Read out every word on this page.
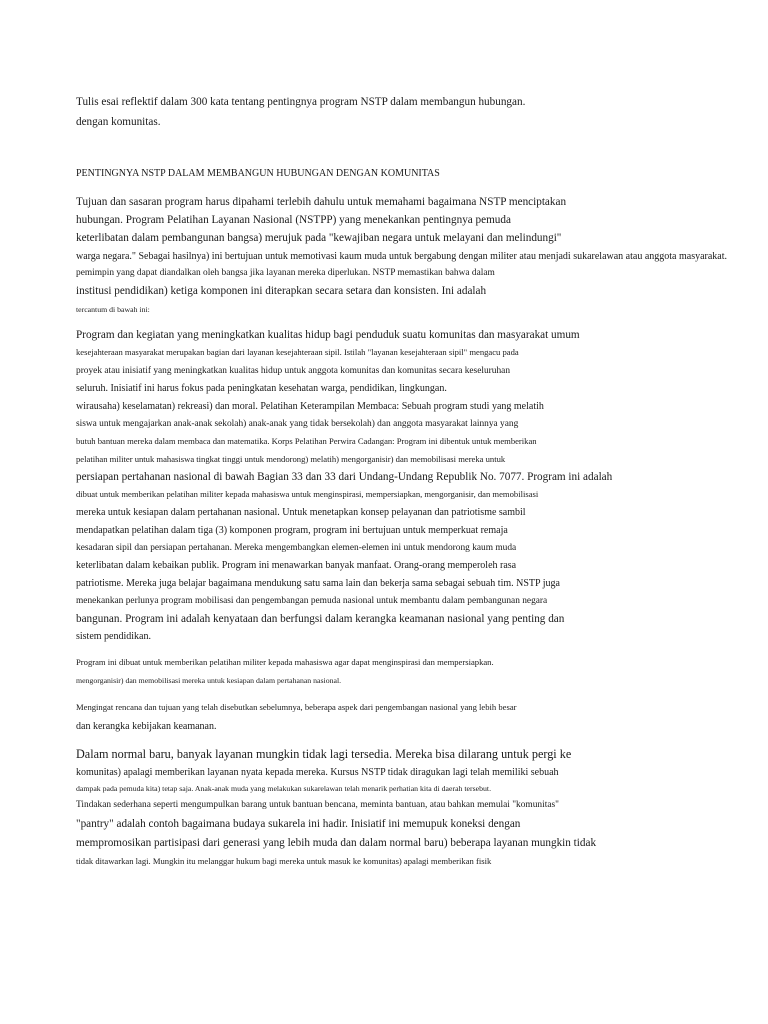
Tulis esai reflektif dalam 300 kata tentang pentingnya program NSTP dalam membangun hubungan.
dengan komunitas.
PENTINGNYA NSTP DALAM MEMBANGUN HUBUNGAN DENGAN KOMUNITAS
Tujuan dan sasaran program harus dipahami terlebih dahulu untuk memahami bagaimana NSTP menciptakan
hubungan. Program Pelatihan Layanan Nasional (NSTPP) yang menekankan pentingnya pemuda
keterlibatan dalam pembangunan bangsa) merujuk pada "kewajiban negara untuk melayani dan melindungi"
warga negara." Sebagai hasilnya) ini bertujuan untuk memotivasi kaum muda untuk bergabung dengan militer atau menjadi sukarelawan atau anggota masyarakat.
pemimpin yang dapat diandalkan oleh bangsa jika layanan mereka diperlukan. NSTP memastikan bahwa dalam
institusi pendidikan) ketiga komponen ini diterapkan secara setara dan konsisten. Ini adalah
tercantum di bawah ini:
Program dan kegiatan yang meningkatkan kualitas hidup bagi penduduk suatu komunitas dan masyarakat umum
kesejahteraan masyarakat merupakan bagian dari layanan kesejahteraan sipil. Istilah "layanan kesejahteraan sipil" mengacu pada
proyek atau inisiatif yang meningkatkan kualitas hidup untuk anggota komunitas dan komunitas secara keseluruhan
seluruh. Inisiatif ini harus fokus pada peningkatan kesehatan warga, pendidikan, lingkungan.
wirausaha) keselamatan) rekreasi) dan moral. Pelatihan Keterampilan Membaca: Sebuah program studi yang melatih
siswa untuk mengajarkan anak-anak sekolah) anak-anak yang tidak bersekolah) dan anggota masyarakat lainnya yang
butuh bantuan mereka dalam membaca dan matematika. Korps Pelatihan Perwira Cadangan: Program ini dibentuk untuk memberikan
pelatihan militer untuk mahasiswa tingkat tinggi untuk mendorong) melatih) mengorganisir) dan memobilisasi mereka untuk
persiapan pertahanan nasional di bawah Bagian 33 dan 33 dari Undang-Undang Republik No. 7077. Program ini adalah
dibuat untuk memberikan pelatihan militer kepada mahasiswa untuk menginspirasi, mempersiapkan, mengorganisir, dan memobilisasi
mereka untuk kesiapan dalam pertahanan nasional. Untuk menetapkan konsep pelayanan dan patriotisme sambil
mendapatkan pelatihan dalam tiga (3) komponen program, program ini bertujuan untuk memperkuat remaja
kesadaran sipil dan persiapan pertahanan. Mereka mengembangkan elemen-elemen ini untuk mendorong kaum muda
keterlibatan dalam kebaikan publik. Program ini menawarkan banyak manfaat. Orang-orang memperoleh rasa
patriotisme. Mereka juga belajar bagaimana mendukung satu sama lain dan bekerja sama sebagai sebuah tim. NSTP juga
menekankan perlunya program mobilisasi dan pengembangan pemuda nasional untuk membantu dalam pembangunan negara
bangunan. Program ini adalah kenyataan dan berfungsi dalam kerangka keamanan nasional yang penting dan
sistem pendidikan.
Program ini dibuat untuk memberikan pelatihan militer kepada mahasiswa agar dapat menginspirasi dan mempersiapkan.
mengorganisir) dan memobilisasi mereka untuk kesiapan dalam pertahanan nasional.
Mengingat rencana dan tujuan yang telah disebutkan sebelumnya, beberapa aspek dari pengembangan nasional yang lebih besar
dan kerangka kebijakan keamanan.
Dalam normal baru, banyak layanan mungkin tidak lagi tersedia. Mereka bisa dilarang untuk pergi ke
komunitas) apalagi memberikan layanan nyata kepada mereka. Kursus NSTP tidak diragukan lagi telah memiliki sebuah
dampak pada pemuda kita) tetap saja. Anak-anak muda yang melakukan sukarelawan telah menarik perhatian kita di daerah tersebut.
Tindakan sederhana seperti mengumpulkan barang untuk bantuan bencana, meminta bantuan, atau bahkan memulai "komunitas"
"pantry" adalah contoh bagaimana budaya sukarela ini hadir. Inisiatif ini memupuk koneksi dengan
mempromosikan partisipasi dari generasi yang lebih muda dan dalam normal baru) beberapa layanan mungkin tidak
tidak ditawarkan lagi. Mungkin itu melanggar hukum bagi mereka untuk masuk ke komunitas) apalagi memberikan fisik
